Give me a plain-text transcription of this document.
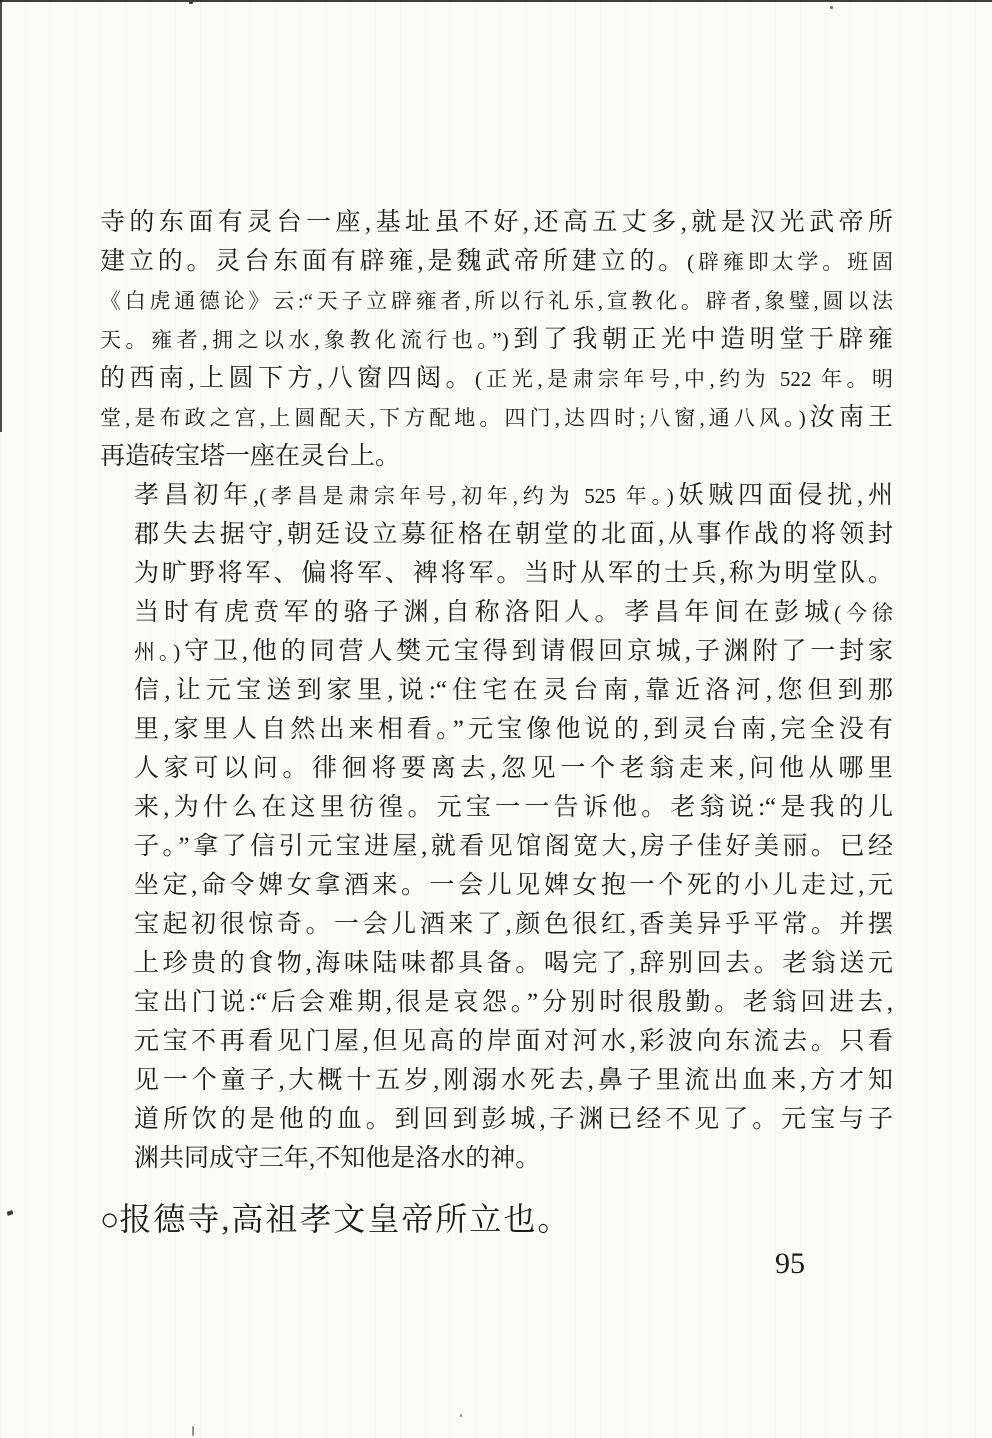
寺的东面有灵台一座,基址虽不好,还高五丈多,就是汉光武帝所
建立的。灵台东面有辟雍,是魏武帝所建立的。(辟雍即太学。班固
《白虎通德论》云:“天子立辟雍者,所以行礼乐,宣教化。辟者,象璧,圆以法
天。雍者,拥之以水,象教化流行也。”)到了我朝正光中造明堂于辟雍
的西南,上圆下方,八窗四闼。(正光,是肃宗年号,中,约为 522 年。明
堂,是布政之宫,上圆配天,下方配地。四门,达四时;八窗,通八风。)汝南王
再造砖宝塔一座在灵台上。
孝昌初年,(孝昌是肃宗年号,初年,约为 525 年。)妖贼四面侵扰,州
郡失去据守,朝廷设立募征格在朝堂的北面,从事作战的将领封
为旷野将军、偏将军、裨将军。当时从军的士兵,称为明堂队。
当时有虎贲军的骆子渊,自称洛阳人。孝昌年间在彭城(今徐
州。)守卫,他的同营人樊元宝得到请假回京城,子渊附了一封家
信,让元宝送到家里,说:“住宅在灵台南,靠近洛河,您但到那
里,家里人自然出来相看。”元宝像他说的,到灵台南,完全没有
人家可以问。徘徊将要离去,忽见一个老翁走来,问他从哪里
来,为什么在这里彷徨。元宝一一告诉他。老翁说:“是我的儿
子。”拿了信引元宝进屋,就看见馆阁宽大,房子佳好美丽。已经
坐定,命令婢女拿酒来。一会儿见婢女抱一个死的小儿走过,元
宝起初很惊奇。一会儿酒来了,颜色很红,香美异乎平常。并摆
上珍贵的食物,海味陆味都具备。喝完了,辞别回去。老翁送元
宝出门说:“后会难期,很是哀怨。”分别时很殷勤。老翁回进去,
元宝不再看见门屋,但见高的岸面对河水,彩波向东流去。只看
见一个童子,大概十五岁,刚溺水死去,鼻子里流出血来,方才知
道所饮的是他的血。到回到彭城,子渊已经不见了。元宝与子
渊共同成守三年,不知他是洛水的神。
○报德寺,高祖孝文皇帝所立也。
95
